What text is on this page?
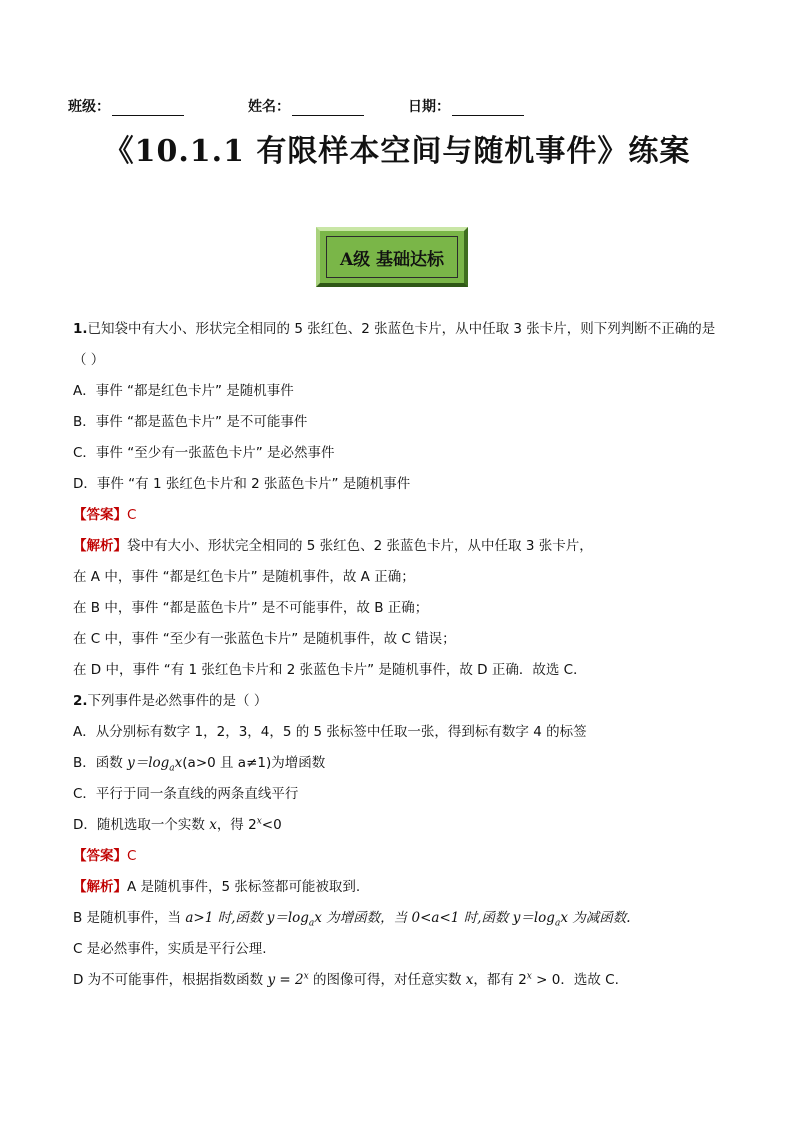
班级：	姓名：	日期：
《10.1.1 有限样本空间与随机事件》练案
A级 基础达标
1.已知袋中有大小、形状完全相同的 5 张红色、2 张蓝色卡片，从中任取 3 张卡片，则下列判断不正确的是
（ ）
A．事件 “都是红色卡片” 是随机事件
B．事件 “都是蓝色卡片” 是不可能事件
C．事件 “至少有一张蓝色卡片” 是必然事件
D．事件 “有 1 张红色卡片和 2 张蓝色卡片” 是随机事件
【答案】C
【解析】袋中有大小、形状完全相同的 5 张红色、2 张蓝色卡片，从中任取 3 张卡片，
在 A 中，事件 “都是红色卡片” 是随机事件，故 A 正确；
在 B 中，事件 “都是蓝色卡片” 是不可能事件，故 B 正确；
在 C 中，事件 “至少有一张蓝色卡片” 是随机事件，故 C 错误；
在 D 中，事件 “有 1 张红色卡片和 2 张蓝色卡片” 是随机事件，故 D 正确．故选 C．
2.下列事件是必然事件的是（ ）
A．从分别标有数字 1，2，3，4，5 的 5 张标签中任取一张，得到标有数字 4 的标签
B．函数 $y=\log_ax(a>0$ 且 a≠1)为增函数
C．平行于同一条直线的两条直线平行
D．随机选取一个实数 x，得 $2^x<0$
【答案】C
【解析】A 是随机事件，5 张标签都可能被取到.
B 是随机事件，当 a>1 时,函数 $y=\log_ax$ 为增函数，当 0<a<1 时,函数 $y=\log_ax$ 为减函数.
C 是必然事件，实质是平行公理.
D 为不可能事件，根据指数函数 $y = 2^x$ 的图像可得，对任意实数 x，都有 $2^x > 0$．选故 C.
